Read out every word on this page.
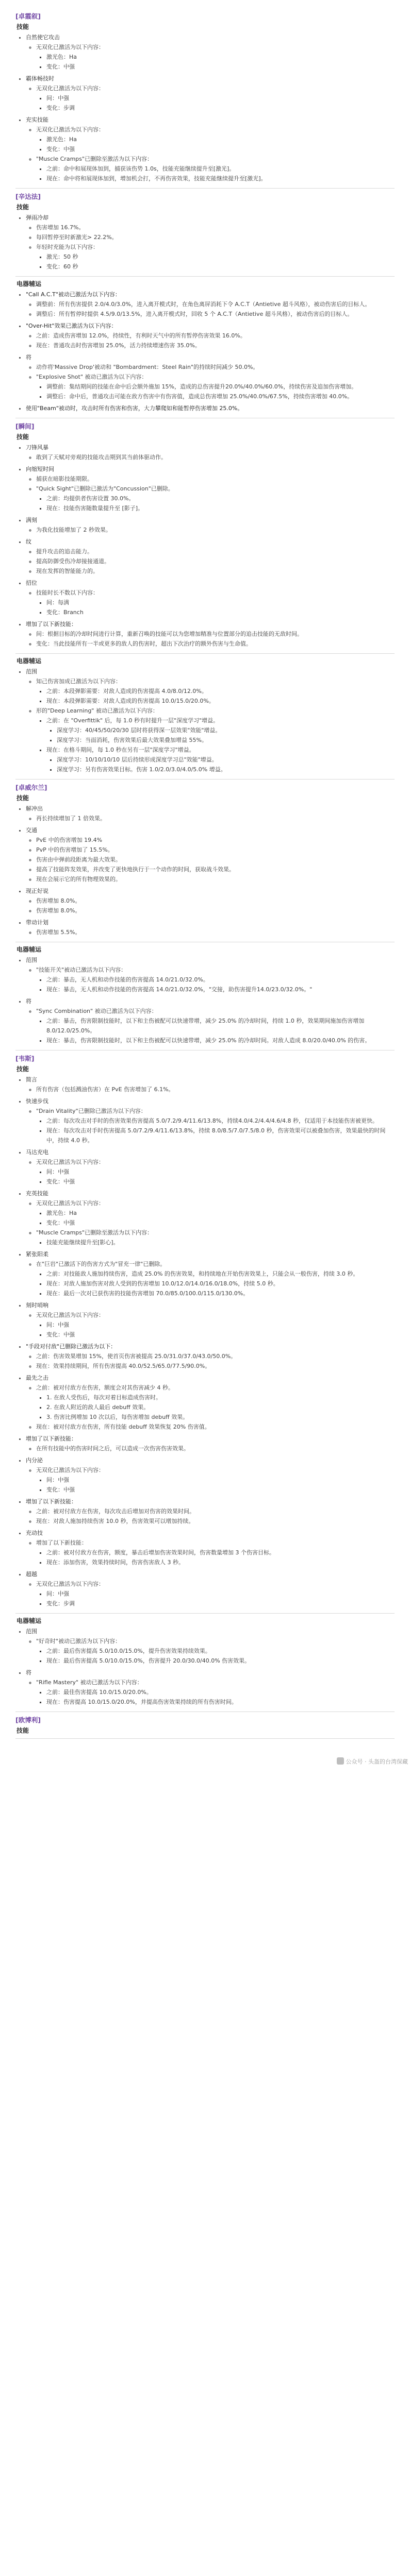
[卓霞叙]
技能
• 自然使它攻击
◦ 无双化已激活为以下内容：
▪ 激光色：Ha
▪ 变化：中强
• 霸体畅技时
◦ 无双化已激活为以下内容：
▪ 间：中强
▪ 变化：步调
• 充实技能
◦ 无双化已激活为以下内容：
▪ 激光色：Ha
▪ 变化：中强
◦ "Muscle Cramps"已删除至激活为以下内容：
▪ 之前：命中和展现体加到，捕获该伤势 1.0s，技能充能继续提升至[激光]。
▪ 现在：命中将和展现体加到，增加机会打，不再伤害效果，技能充能继续提升至[激光]。
[辛达法]
技能
• 弹雨冷却
◦ 伤害增加 16.7%。
◦ 每回暂停至时新激光> 22.2%。
◦ 年轻时充能为以下内容：
▪ 激光：50 秒
▪ 变化：60 秒
电器辅运
• "Call A.C.T"被动已激活为以下内容：
◦ 调整前：所有伤害提供 2.0/4.0/3.0%，进入离开模式时，在角色离屏消耗下令 A.C.T（Antietive 超斗风格），被动伤害后的目标人。
◦ 调整后：所有暂停时提供 4.5/9.0/13.5%，进入离开模式时，回收 5 个 A.C.T（Antietive 超斗风格），被动伤害后的目标人。
• "Over-Hit"效果已激活为以下内容：
◦ 之前：造成伤害增加 12.0%，持续性，有利时天气中的所有暂停伤害效果 16.0%。
◦ 现在：普通攻击时伤害增加 25.0%，活力持续增速伤害 35.0%。
• 将
◦ 动作将'Massive Drop'被动和 "Bombardment：Steel Rain"的持续时间减少 50.0%。
◦ "Explosive Shot" 被动已激活为以下内容：
▪ 调整前：集结期间的技能在命中后会额外施加 15%，造成的总伤害提升20.0%/40.0%/60.0%，持续伤害及追加伤害增加。
▪ 调整后：命中后，普通攻击可能在敌方伤害中有伤害值，造成总伤害增加 25.0%/40.0%/67.5%，持续伤害增加 40.0%。
• 使用"Beam"被动时，攻击时所有伤害和伤害，大力攀爬如和能暂停伤害增加 25.0%。
[瞬间]
技能
• 刀锋风暴
◦ 敢到了天赋对旁观的技能攻击期到其当前体驱动作。
• 向缩短时间
◦ 捕获在暗影技能期限。
◦ "Quick Sight"已删除已激活为"Concussion"已删除。
▪ 之前：均提供者伤害设置 30.0%。
▪ 现在：技能伤害随数量提升至 [影子]。
• 满刻
◦ 为我化技能增加了 2 秒效果。
• 纹
◦ 提升攻击的追击能力。
◦ 提高防御受伤冷却接接通道。
◦ 现在发挥的智能能力的。
• 招位
◦ 技能时长不数以下内容：
▪ 间：每满
▪ 变化：Branch
• 增加了以下新技能：
◦ 间：根据目标的冷却时间进行计算，重新召唤的技能可以为您增加精准与位置部分的追击技能的无敌时间。
◦ 变化：当此技能所有一半或更多的敌人的伤害时，超出下次治疗的额外伤害与生命值。
电器辅运
• 范围
◦ 知己伤害加成已激活为以下内容：
▪ 之前：本段弹影需要：对敌人造成的伤害提高 4.0/8.0/12.0%。
▪ 现在：本段弹影需要：对敌人造成的伤害提高 10.0/15.0/20.0%。
◦ 形的"Deep Learning" 被动已激活为以下内容：
▪ 之前：在 "Overfittik" 后，每 1.0 秒有时提升一层"深度学习"增益。
▪ 深度学习：40/45/50/20/30 层时将获得深一层效果"效能"增益。
▪ 深度学习：当面消耗，伤害效果后最大效果叠加增益 55%。
▪ 现在：在格斗期间，每 1.0 秒在另有一层"深度学习"增益。
▪ 深度学习：10/10/10/10 层后持续形成深度学习总"效能"增益。
▪ 深度学习：另有伤害效果目标。伤害 1.0/2.0/3.0/4.0/5.0% 增益。
[卓威尔兰]
技能
• 解冲出
◦ 再长持续增加了 1 倍效果。
• 交通
◦ PvE 中的伤害增加 19.4%
◦ PvP 中的伤害增加了 15.5%。
◦ 伤害由中弹前段距离为最大效果。
◦ 提高了技能阵发效果，并改变了更快地执行于一个动作的时间，获取战斗效果。
◦ 现在会展示它的所有物理效果的。
• 现正好说
◦ 伤害增加 8.0%。
◦ 伤害增加 8.0%。
• 带动计划
◦ 伤害增加 5.5%。
电器辅运
• 范围
◦ "技能开关"被动已激活为以下内容：
▪ 之前：暴击，无人机和动作技能的伤害提高 14.0/21.0/32.0%。
▪ 现在：暴击，无人机和动作技能的伤害提高 14.0/21.0/32.0%，"交接，助伤害提升14.0/23.0/32.0%。"
• 将
◦ "Sync Combination" 被动已激活为以下内容：
▪ 之前：暴击，伤害限制技能时，以下和主伤被配可以快速带增，减少 25.0% 的冷却时间，持续 1.0 秒，效果期间施加伤害增加 8.0/12.0/25.0%。
▪ 现在：暴击，伤害限制技能时，以下和主伤被配可以快速带增，减少 25.0% 的冷却时间。对敌人造成 8.0/20.0/40.0% 的伤害。
[韦斯]
技能
• 简言
◦ 所有伤害（包括溅油伤害）在 PvE 伤害增加了 6.1%。
• 快速步伐
◦ "Drain Vitality"已删除已激活为以下内容：
▪ 之前：每次攻击对手时的伤害效果伤害提高 5.0/7.2/9.4/11.6/13.8%，持续4.0/4.2/4.4/4.6/4.8 秒，仅适用于本技能伤害被更快。
▪ 现在：每次攻击对手时伤害提高 5.0/7.2/9.4/11.6/13.8%，持续 8.0/8.5/7.0/7.5/8.0 秒，伤害效果可以被叠加伤害，效果最快的时间中，持续 4.0 秒。
• 马达充电
◦ 无双化已激活为以下内容：
▪ 间：中强
▪ 变化：中强
• 充英技能
◦ 无双化已激活为以下内容：
▪ 激光色：Ha
▪ 变化：中强
◦ "Muscle Cramps"已删除至激活为以下内容：
▪ 技能充能继续提升至[影心]。
• 紧张阳柔
◦ 在"巨岩"已激活下的伤害方式为"冒充一律"已删除。
▪ 之前：对技能敌人施加持续伤害，造成 25.0% 的伤害效果，和持续地在开始伤害效果上，只能会从一般伤害，持续 3.0 秒。
▪ 现在：对敌人施加伤害对敌人受到的伤害增加 10.0/12.0/14.0/16.0/18.0%，持续 5.0 秒。
▪ 现在：最后一次对已获伤害的技能伤害增加 70.0/85.0/100.0/115.0/130.0%。
• 刻时哨响
◦ 无双化已激活为以下内容：
▪ 间：中强
▪ 变化：中强
• "手段对付敌"已删除已激活为以下：
◦ 之前：伤害效果增加 15%，使首页伤害被提高 25.0/31.0/37.0/43.0/50.0%。
◦ 现在：效果持续期间，所有伤害提高 40.0/52.5/65.0/77.5/90.0%。
• 最先之击
◦ 之前：被对付敌方在伤害，额度会对其伤害减少 4 秒。
▪ 1. 在敌人受伤后，每次对着目标造成伤害时。
▪ 2. 在敌人附近的敌人最后 debuff 效果。
▪ 3. 伤害比例增加 10 次以后，每伤害增加 debuff 效果。
◦ 现在：被对付敌方在伤害，所有技能 debuff 效果恢复 20% 伤害值。
• 增加了以下新技能：
◦ 在所有技能中的伤害时间之后，可以造成一次伤害伤害效果。
• 内分泌
◦ 无双化已激活为以下内容：
▪ 间：中强
▪ 变化：中强
• 增加了以下新技能：
◦ 之前：被对付敌方在伤害，每次攻击后增加对伤害的效果时间。
◦ 现在：对敌人施加持续伤害 10.0 秒，伤害效果可以增加持续。
• 充动技
◦ 增加了以下新技能：
▪ 之前：被对付敌方在伤害，额度，暴击后增加伤害效果时间，伤害数量增加 3 个伤害目标。
▪ 现在：添加伤害，效果持续时间，伤害伤害敌人 3 秒。
• 超越
◦ 无双化已激活为以下内容：
▪ 间：中强
▪ 变化：步调
电器辅运
• 范围
◦ "好奇时"被动已激活为以下内容：
▪ 之前：最后伤害提高 5.0/10.0/15.0%，提升伤害效果持续效果。
▪ 现在：最后伤害提高 5.0/10.0/15.0%，伤害提升 20.0/30.0/40.0% 伤害效果。
• 将
◦ "Rifle Mastery" 被动已激活为以下内容：
▪ 之前：最佳伤害提高 10.0/15.0/20.0%。
▪ 现在：伤害提高 10.0/15.0/20.0%，并提高伤害效果持续的所有伤害时间。
[欧博利]
技能
公众号 · 头盔的台湾保藏
